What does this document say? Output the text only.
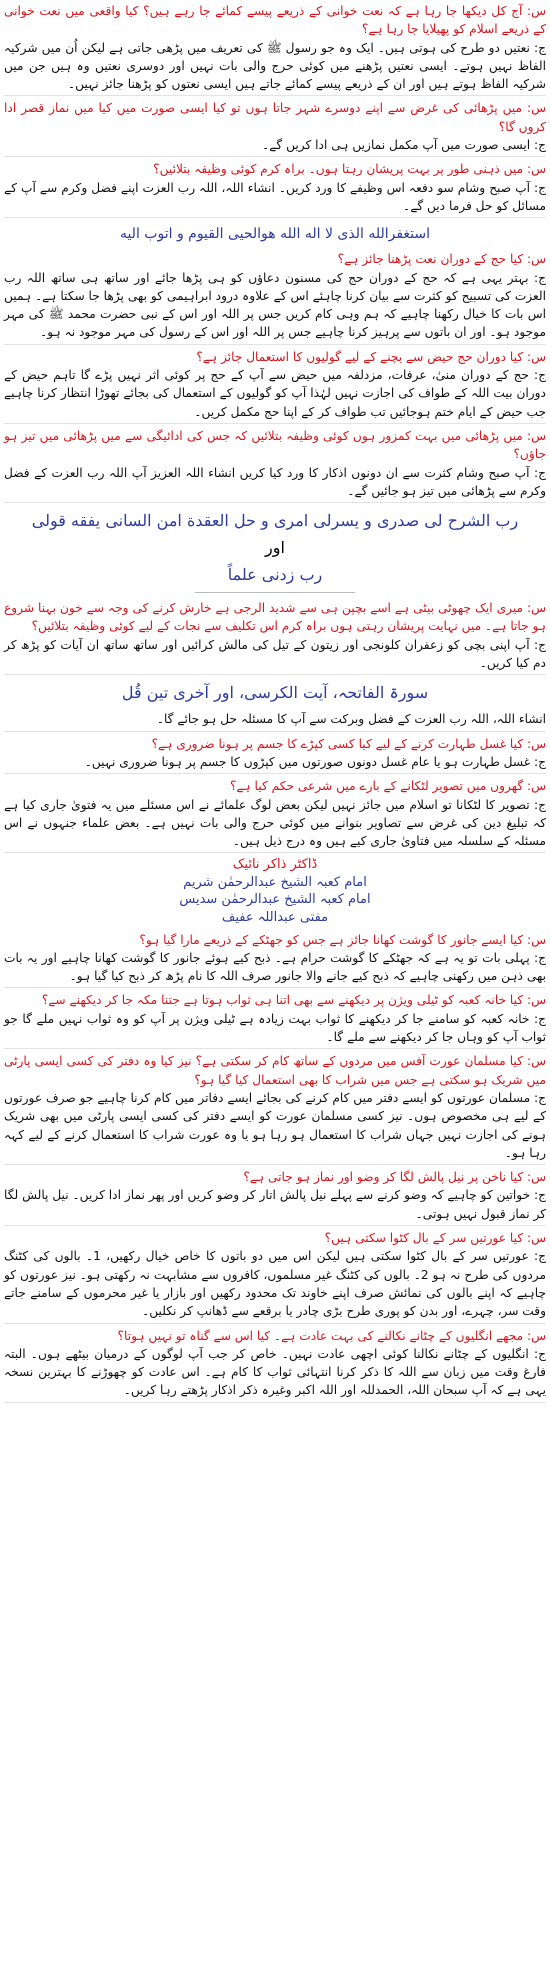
س: آج کل دیکھا جا رہا ہے کہ نعت خوانی کے ذریعے پیسے کمائے جا رہے ہیں؟ کیا واقعی میں نعت خوانی کے ذریعے اسلام کو پھیلایا جا رہا ہے؟

ج: نعتیں دو طرح کی ہوتی ہیں۔ ایک وہ جو رسول ﷺ کی تعریف میں پڑھی جاتی ہے لیکن اُن میں شرکیہ الفاظ نہیں ہوتے۔ ایسی نعتیں پڑھنے میں کوئی حرج والی بات نہیں اور دوسری نعتیں وہ ہیں جن میں شرکیہ الفاظ ہوتے ہیں اور ان کے ذریعے پیسے کمائے جاتے ہیں ایسی نعتوں کو پڑھنا جائز نہیں۔

س: میں پڑھائی کی غرض سے اپنے دوسرے شہر جاتا ہوں تو کیا ایسی صورت میں کیا میں نماز قصر ادا کروں گا؟

ج: ایسی صورت میں آپ مکمل نمازیں ہی ادا کریں گے۔

س: میں ذہنی طور پر بہت پریشان رہتا ہوں۔ براہ کرم کوئی وظیفہ بتلائیں؟

ج: آپ صبح وشام سو دفعہ اس وظیفے کا ورد کریں۔ انشاء اللہ، اللہ رب العزت اپنے فضل وکرم سے آپ کے مسائل کو حل فرما دیں گے۔

استغفرالله الذی لا اله الله هوالحیی القیوم و اتوب الیه

س: کیا حج کے دوران نعت پڑھنا جائز ہے؟

ج: بہتر یہی ہے کہ حج کے دوران حج کی مسنون دعاؤں کو ہی پڑھا جائے اور ساتھ ہی ساتھ اللہ رب العزت کی تسبیح کو کثرت سے بیان کرنا چاہئے اس کے علاوہ درود ابراہیمی کو بھی پڑھا جا سکتا ہے۔ ہمیں اس بات کا خیال رکھنا چاہیے کہ ہم وہی کام کریں جس پر اللہ اور اس کے نبی حضرت محمد ﷺ کی مہر موجود ہو۔ اور ان باتوں سے پرہیز کرنا چاہیے جس پر اللہ اور اس کے رسول کی مہر موجود نہ ہو۔

س: کیا دوران حج حیض سے بچنے کے لیے گولیوں کا استعمال جائز ہے؟

ج: حج کے دوران منیٰ، عرفات، مزدلفہ میں حیض سے آپ کے حج پر کوئی اثر نہیں پڑے گا تاہم حیض کے دوران بیت اللہ کے طواف کی اجازت نہیں لہٰذا آپ کو گولیوں کے استعمال کی بجائے تھوڑا انتظار کرنا چاہیے جب حیض کے ایام ختم ہوجائیں تب طواف کر کے اپنا حج مکمل کریں۔

س: میں پڑھائی میں بہت کمزور ہوں کوئی وظیفہ بتلائیں کہ جس کی ادائیگی سے میں پڑھائی میں تیز ہو جاؤں؟

ج: آپ صبح وشام کثرت سے ان دونوں اذکار کا ورد کیا کریں انشاء اللہ العزیز آپ اللہ رب العزت کے فضل وکرم سے پڑھائی میں تیز ہو جائیں گے۔

رب الشرح لی صدری و یسرلی امری و حل العقدة امن السانی یفقه قولی
اور
رب زدنی علماً

س: میری ایک چھوٹی بیٹی ہے اسے بچپن ہی سے شدید الرجی ہے خارش کرنے کی وجہ سے خون بہنا شروع ہو جاتا ہے۔ میں نہایت پریشان رہتی ہوں براہ کرم اس تکلیف سے نجات کے لیے کوئی وظیفہ بتلائیں؟

ج: آپ اپنی بچی کو زعفران کلونجی اور زیتون کے تیل کی مالش کرائیں اور ساتھ ساتھ ان آیات کو پڑھ کر دم کیا کریں۔

سورۃ الفاتحہ، آیت الکرسی، اور آخری تین قُل

انشاء اللہ، اللہ رب العزت کے فضل وبرکت سے آپ کا مسئلہ حل ہو جائے گا۔

س: کیا غسل طہارت کرنے کے لیے کیا کسی کپڑے کا جسم پر ہونا ضروری ہے؟

ج: غسل طہارت ہو یا عام غسل دونوں صورتوں میں کپڑوں کا جسم پر ہونا ضروری نہیں۔

س: گھروں میں تصویر لٹکانے کے بارے میں شرعی حکم کیا ہے؟

ج: تصویر کا لٹکانا تو اسلام میں جائز نہیں لیکن بعض لوگ علمائے نے اس مسئلے میں یہ فتویٰ جاری کیا ہے کہ تبلیغ دین کی غرض سے تصاویر بنوانے میں کوئی حرج والی بات نہیں ہے۔ بعض علماء جنہوں نے اس مسئلہ کے سلسلہ میں فتاویٰ جاری کیے ہیں وہ درج ذیل ہیں۔

ڈاکٹر ذاکر نائیک
امام کعبہ الشیخ عبدالرحمٰن شریم
امام کعبہ الشیخ عبدالرحمٰن سدیس
مفتی عبداللہ عفیف

س: کیا ایسے جانور کا گوشت کھانا جائز ہے جس کو جھٹکے کے ذریعے مارا گیا ہو؟

ج: پہلی بات تو یہ ہے کہ جھٹکے کا گوشت حرام ہے۔ ذبح کیے ہوئے جانور کا گوشت کھانا چاہیے اور یہ بات بھی ذہن میں رکھنی چاہیے کہ ذبح کیے جانے والا جانور صرف اللہ کا نام پڑھ کر ذبح کیا گیا ہو۔

س: کیا خانہ کعبہ کو ٹیلی ویژن پر دیکھنے سے بھی اتنا ہی ثواب ہوتا ہے جتنا مکہ جا کر دیکھنے سے؟

ج: خانہ کعبہ کو سامنے جا کر دیکھنے کا ثواب بہت زیادہ ہے ٹیلی ویژن پر آپ کو وہ ثواب نہیں ملے گا جو ثواب آپ کو وہاں جا کر دیکھنے سے ملے گا۔

س: کیا مسلمان عورت آفس میں مردوں کے ساتھ کام کر سکتی ہے؟ نیز کیا وہ دفتر کی کسی ایسی پارٹی میں شریک ہو سکتی ہے جس میں شراب کا بھی استعمال کیا گیا ہو؟

ج: مسلمان عورتوں کو ایسے دفتر میں کام کرنے کی بجائے ایسے دفاتر میں کام کرنا چاہیے جو صرف عورتوں کے لیے ہی مخصوص ہوں۔ نیز کسی مسلمان عورت کو ایسے دفتر کی کسی ایسی پارٹی میں بھی شریک ہونے کی اجازت نہیں جہاں شراب کا استعمال ہو رہا ہو یا وہ عورت شراب کا استعمال کرنے کے لیے کہہ رہا ہو۔

س: کیا ناخن پر نیل پالش لگا کر وضو اور نماز ہو جاتی ہے؟

ج: خواتین کو چاہیے کہ وضو کرنے سے پہلے نیل پالش اتار کر وضو کریں اور پھر نماز ادا کریں۔ نیل پالش لگا کر نماز قبول نہیں ہوتی۔

س: کیا عورتیں سر کے بال کٹوا سکتی ہیں؟

ج: عورتیں سر کے بال کٹوا سکتی ہیں لیکن اس میں دو باتوں کا خاص خیال رکھیں، 1۔ بالوں کی کٹنگ مردوں کی طرح نہ ہو 2۔ بالوں کی کٹنگ غیر مسلموں، کافروں سے مشابہت نہ رکھتی ہو۔ نیز عورتوں کو چاہیے کہ اپنے بالوں کی نمائش صرف اپنے خاوند تک محدود رکھیں اور بازار یا غیر محرموں کے سامنے جاتے وقت سر، چہرے، اور بدن کو پوری طرح بڑی چادر یا برقعے سے ڈھانپ کر نکلیں۔

س: مجھے انگلیوں کے چٹانے نکالنے کی بہت عادت ہے۔ کیا اس سے گناہ تو نہیں ہوتا؟

ج: انگلیوں کے چٹانے نکالنا کوئی اچھی عادت نہیں۔ خاص کر جب آپ لوگوں کے درمیان بیٹھے ہوں۔ البتہ فارغ وقت میں زبان سے اللہ کا ذکر کرنا انتہائی ثواب کا کام ہے۔ اس عادت کو چھوڑنے کا بہترین نسخہ یہی ہے کہ آپ سبحان اللہ، الحمدللہ اور اللہ اکبر وغیرہ ذکر اذکار پڑھتے رہا کریں۔
